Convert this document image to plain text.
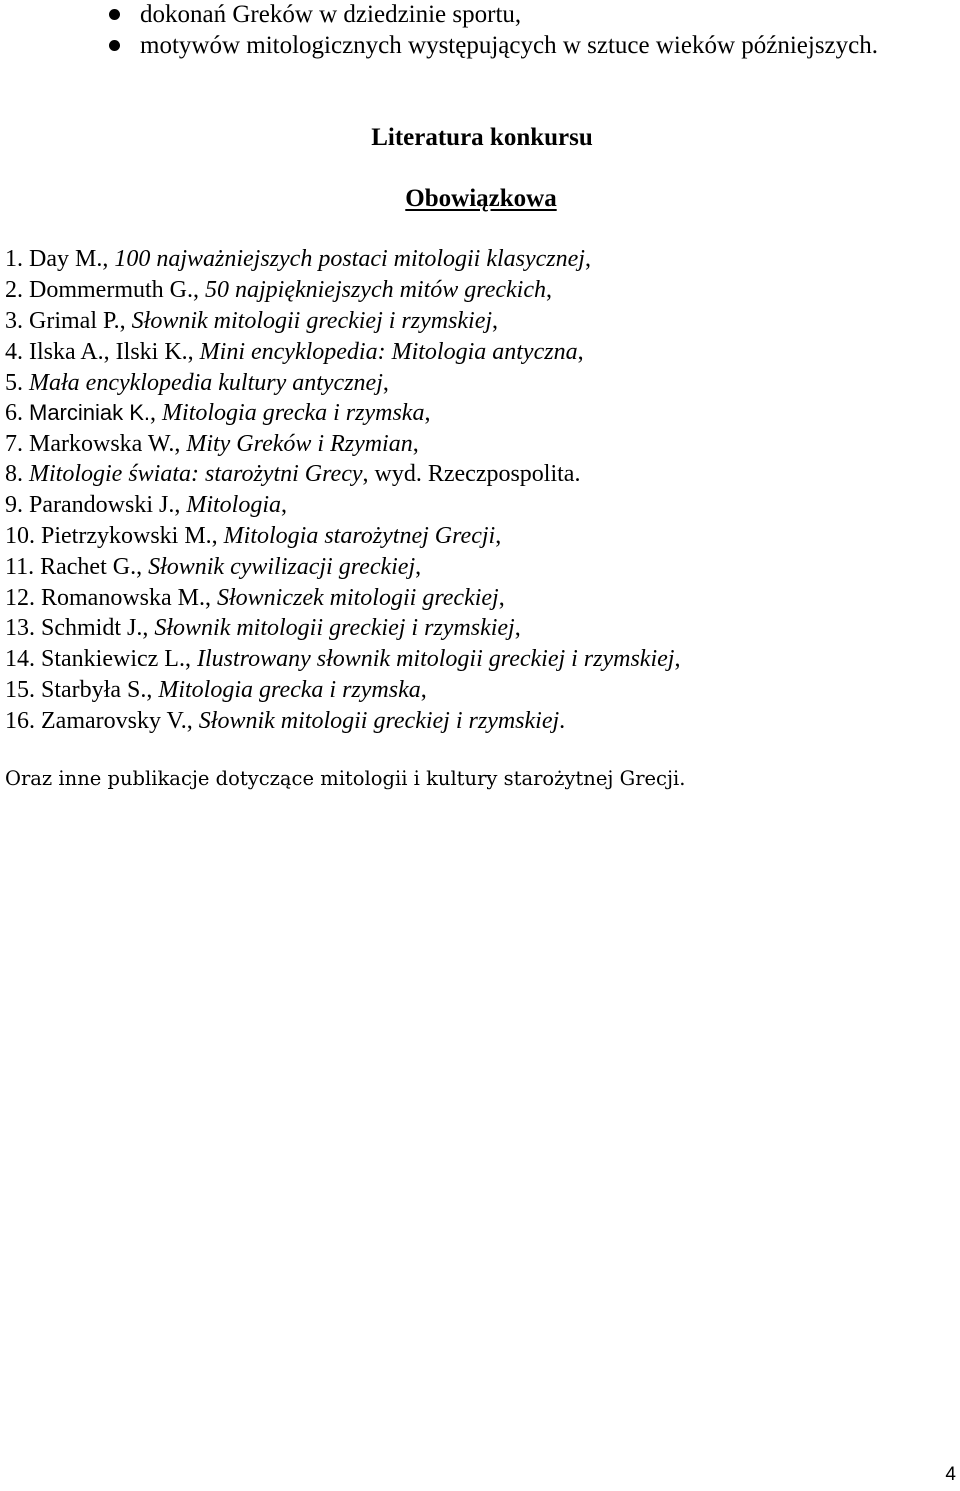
dokonań Greków w dziedzinie sportu,
motywów mitologicznych występujących w sztuce wieków późniejszych.
Literatura konkursu
Obowiązkowa
1. Day M., 100 najważniejszych postaci mitologii klasycznej,
2. Dommermuth G., 50 najpiękniejszych mitów greckich,
3. Grimal P., Słownik mitologii greckiej i rzymskiej,
4. Ilska A., Ilski K., Mini encyklopedia: Mitologia antyczna,
5. Mała encyklopedia kultury antycznej,
6. Marciniak K., Mitologia grecka i rzymska,
7. Markowska W., Mity Greków i Rzymian,
8. Mitologie świata: starożytni Grecy, wyd. Rzeczpospolita.
9. Parandowski J., Mitologia,
10. Pietrzykowski M., Mitologia starożytnej Grecji,
11. Rachet G., Słownik cywilizacji greckiej,
12. Romanowska M., Słowniczek mitologii greckiej,
13. Schmidt J., Słownik mitologii greckiej i rzymskiej,
14. Stankiewicz L., Ilustrowany słownik mitologii greckiej i rzymskiej,
15. Starbyła S., Mitologia grecka i rzymska,
16. Zamarovsky V., Słownik mitologii greckiej i rzymskiej.

Oraz inne publikacje dotyczące mitologii i kultury starożytnej Grecji.

4
